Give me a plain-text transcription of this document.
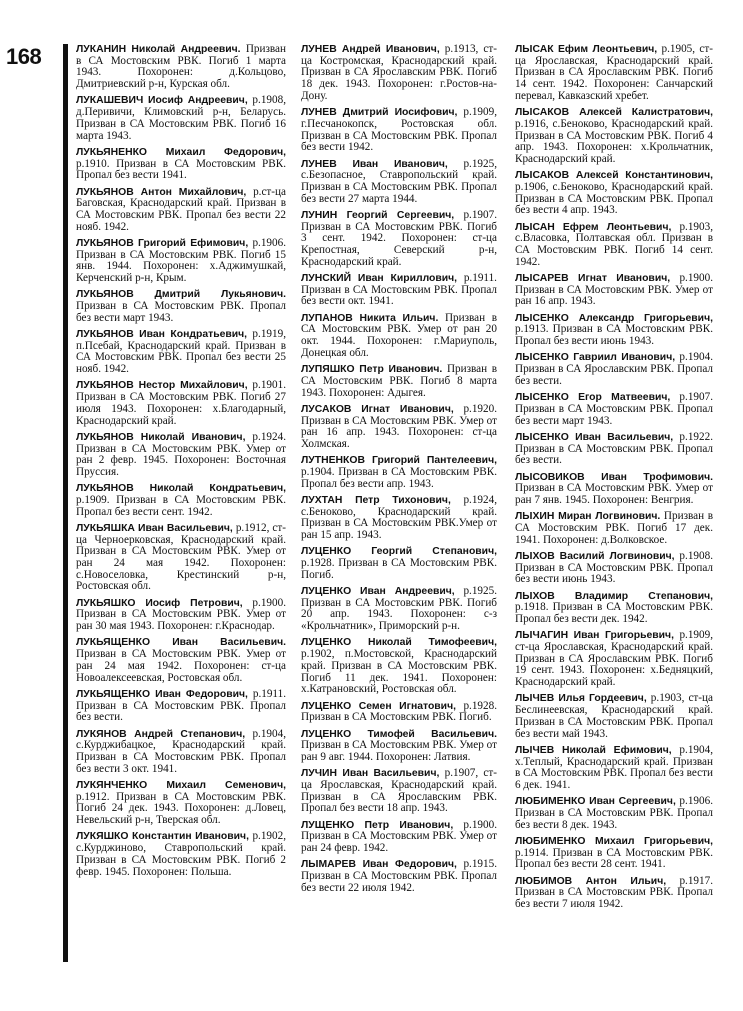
168	ЛУКАНИН Николай Андреевич. Призван в СА Мостовским РВК. Погиб 1 марта 1943. Похоронен: д.Кольцово, Дмитриевский р-н, Курская обл.

ЛУКАШЕВИЧ Иосиф Андреевич, р.1908, д.Перивичи, Климовский р-н, Беларусь. Призван в СА Мостовским РВК. Погиб 16 марта 1943.

ЛУКЬЯНЕНКО Михаил Федорович, р.1910. Призван в СА Мостовским РВК. Пропал без вести 1941.

ЛУКЬЯНОВ Антон Михайлович, р.ст-ца Баговская, Краснодарский край. Призван в СА Мостовским РВК. Пропал без вести 22 нояб. 1942.

ЛУКЬЯНОВ Григорий Ефимович, р.1906. Призван в СА Мостовским РВК. Погиб 15 янв. 1944. Похоронен: х.Аджимушкай, Керченский р-н, Крым.

ЛУКЬЯНОВ Дмитрий Лукьянович. Призван в СА Мостовским РВК. Пропал без вести март 1943.

ЛУКЬЯНОВ Иван Кондратьевич, р.1919, п.Псебай, Краснодарский край. Призван в СА Мостовским РВК. Пропал без вести 25 нояб. 1942.

ЛУКЬЯНОВ Нестор Михайлович, р.1901. Призван в СА Мостовским РВК. Погиб 27 июля 1943. Похоронен: х.Благодарный, Краснодарский край.

ЛУКЬЯНОВ Николай Иванович, р.1924. Призван в СА Мостовским РВК. Умер от ран 2 февр. 1945. Похоронен: Восточная Пруссия.

ЛУКЬЯНОВ Николай Кондратьевич, р.1909. Призван в СА Мостовским РВК. Пропал без вести сент. 1942.

ЛУКЬЯШКА Иван Васильевич, р.1912, ст-ца Черноерковская, Краснодарский край. Призван в СА Мостовским РВК. Умер от ран 24 мая 1942. Похоронен: с.Новоселовка, Крестинский р-н, Ростовская обл.

ЛУКЬЯШКО Иосиф Петрович, р.1900. Призван в СА Мостовским РВК. Умер от ран 30 мая 1943. Похоронен: г.Краснодар.

ЛУКЬЯЩЕНКО Иван Васильевич. Призван в СА Мостовским РВК. Умер от ран 24 мая 1942. Похоронен: ст-ца Новоалексеевская, Ростовская обл.

ЛУКЬЯЩЕНКО Иван Федорович, р.1911. Призван в СА Мостовским РВК. Пропал без вести.

ЛУКЯНОВ Андрей Степанович, р.1904, с.Курджибацкое, Краснодарский край. Призван в СА Мостовским РВК. Пропал без вести 3 окт. 1941.

ЛУКЯНЧЕНКО Михаил Семенович, р.1912. Призван в СА Мостовским РВК. Погиб 24 дек. 1943. Похоронен: д.Ловец, Невельский р-н, Тверская обл.

ЛУКЯШКО Константин Иванович, р.1902, с.Курджиново, Ставропольский край. Призван в СА Мостовским РВК. Погиб 2 февр. 1945. Похоронен: Польша.

ЛУНЕВ Андрей Иванович, р.1913, ст-ца Костромская, Краснодарский край. Призван в СА Ярославским РВК. Погиб 18 дек. 1943. Похоронен: г.Ростов-на-Дону.

ЛУНЕВ Дмитрий Иосифович, р.1909, г.Песчанокопск, Ростовская обл. Призван в СА Мостовским РВК. Пропал без вести 1942.

ЛУНЕВ Иван Иванович, р.1925, с.Безопасное, Ставропольский край. Призван в СА Мостовским РВК. Пропал без вести 27 марта 1944.

ЛУНИН Георгий Сергеевич, р.1907. Призван в СА Мостовским РВК. Погиб 3 сент. 1942. Похоронен: ст-ца Крепостная, Северский р-н, Краснодарский край.

ЛУНСКИЙ Иван Кириллович, р.1911. Призван в СА Мостовским РВК. Пропал без вести окт. 1941.

ЛУПАНОВ Никита Ильич. Призван в СА Мостовским РВК. Умер от ран 20 окт. 1944. Похоронен: г.Мариуполь, Донецкая обл.

ЛУПЯШКО Петр Иванович. Призван в СА Мостовским РВК. Погиб 8 марта 1943. Похоронен: Адыгея.

ЛУСАКОВ Игнат Иванович, р.1920. Призван в СА Мостовским РВК. Умер от ран 16 апр. 1943. Похоронен: ст-ца Холмская.

ЛУТНЕНКОВ Григорий Пантелеевич, р.1904. Призван в СА Мостовским РВК. Пропал без вести апр. 1943.

ЛУХТАН Петр Тихонович, р.1924, с.Беноково, Краснодарский край. Призван в СА Мостовским РВК.Умер от ран 15 апр. 1943.

ЛУЦЕНКО Георгий Степанович, р.1928. Призван в СА Мостовским РВК. Погиб.

ЛУЦЕНКО Иван Андреевич, р.1925. Призван в СА Мостовским РВК. Погиб 20 апр. 1943. Похоронен: с-з «Крольчатник», Приморский р-н.

ЛУЦЕНКО Николай Тимофеевич, р.1902, п.Мостовской, Краснодарский край. Призван в СА Мостовским РВК. Погиб 11 дек. 1941. Похоронен: х.Катрановский, Ростовская обл.

ЛУЦЕНКО Семен Игнатович, р.1928. Призван в СА Мостовским РВК. Погиб.

ЛУЦЕНКО Тимофей Васильевич. Призван в СА Мостовским РВК. Умер от ран 9 авг. 1944. Похоронен: Латвия.

ЛУЧИН Иван Васильевич, р.1907, ст-ца Ярославская, Краснодарский край. Призван в СА Ярославским РВК. Пропал без вести 18 апр. 1943.

ЛУЩЕНКО Петр Иванович, р.1900. Призван в СА Мостовским РВК. Умер от ран 24 февр. 1942.

ЛЫМАРЕВ Иван Федорович, р.1915. Призван в СА Мостовским РВК. Пропал без вести 22 июля 1942.

ЛЫСАК Ефим Леонтьевич, р.1905, ст-ца Ярославская, Краснодарский край. Призван в СА Ярославским РВК. Погиб 14 сент. 1942. Похоронен: Санчарский перевал, Кавказский хребет.

ЛЫСАКОВ Алексей Калистратович, р.1916, с.Беноково, Краснодарский край. Призван в СА Мостовским РВК. Погиб 4 апр. 1943. Похоронен: х.Крольчатник, Краснодарский край.

ЛЫСАКОВ Алексей Константинович, р.1906, с.Беноково, Краснодарский край. Призван в СА Мостовским РВК. Пропал без вести 4 апр. 1943.

ЛЫСАН Ефрем Леонтьевич, р.1903, с.Власовка, Полтавская обл. Призван в СА Мостовским РВК. Погиб 14 сент. 1942.

ЛЫСАРЕВ Игнат Иванович, р.1900. Призван в СА Мостовским РВК. Умер от ран 16 апр. 1943.

ЛЫСЕНКО Александр Григорьевич, р.1913. Призван в СА Мостовским РВК. Пропал без вести июнь 1943.

ЛЫСЕНКО Гавриил Иванович, р.1904. Призван в СА Ярославским РВК. Пропал без вести.

ЛЫСЕНКО Егор Матвеевич, р.1907. Призван в СА Мостовским РВК. Пропал без вести март 1943.

ЛЫСЕНКО Иван Васильевич, р.1922. Призван в СА Мостовским РВК. Пропал без вести.

ЛЫСОВИКОВ Иван Трофимович. Призван в СА Мостовским РВК. Умер от ран 7 янв. 1945. Похоронен: Венгрия.

ЛЫХИН Миран Логвинович. Призван в СА Мостовским РВК. Погиб 17 дек. 1941. Похоронен: д.Волковское.

ЛЫХОВ Василий Логвинович, р.1908. Призван в СА Мостовским РВК. Пропал без вести июнь 1943.

ЛЫХОВ Владимир Степанович, р.1918. Призван в СА Мостовским РВК. Пропал без вести дек. 1942.

ЛЫЧАГИН Иван Григорьевич, р.1909, ст-ца Ярославская, Краснодарский край. Призван в СА Ярославским РВК. Погиб 19 сент. 1943. Похоронен: х.Бедняцкий, Краснодарский край.

ЛЫЧЕВ Илья Гордеевич, р.1903, ст-ца Беслинеевская, Краснодарский край. Призван в СА Мостовским РВК. Пропал без вести май 1943.

ЛЫЧЕВ Николай Ефимович, р.1904, х.Теплый, Краснодарский край. Призван в СА Мостовским РВК. Пропал без вести 6 дек. 1941.

ЛЮБИМЕНКО Иван Сергеевич, р.1906. Призван в СА Мостовским РВК. Пропал без вести 8 дек. 1943.

ЛЮБИМЕНКО Михаил Григорьевич, р.1914. Призван в СА Мостовским РВК. Пропал без вести 28 сент. 1941.

ЛЮБИМОВ Антон Ильич, р.1917. Призван в СА Мостовским РВК. Пропал без вести 7 июля 1942.
